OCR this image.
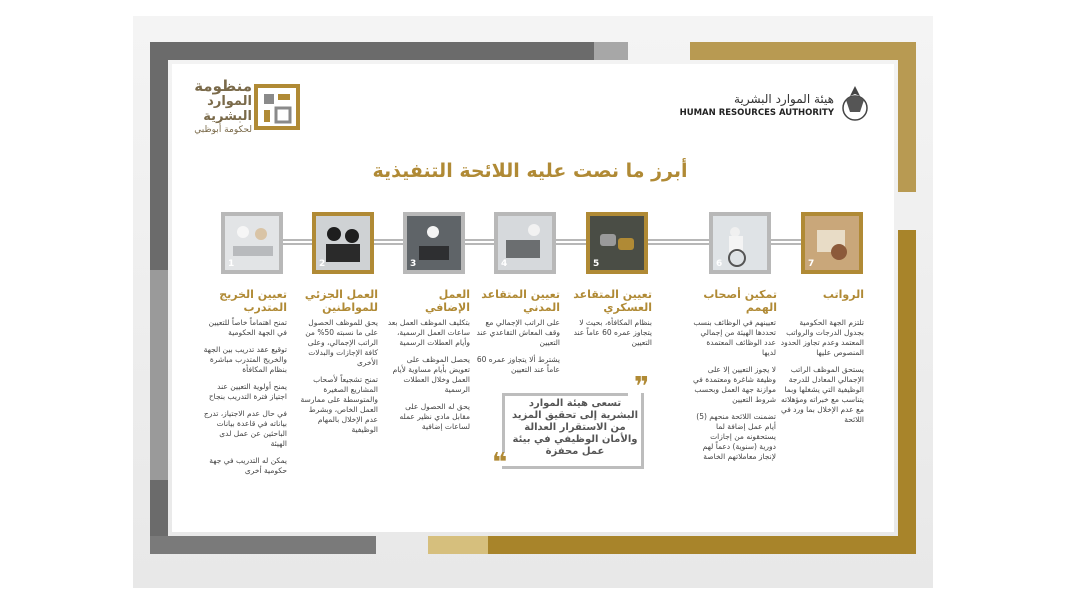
هيئة الموارد البشرية
HUMAN RESOURCES AUTHORITY
منظومة
الموارد
البشرية
لحكومة أبوظبي
أبرز ما نصت عليه اللائحة التنفيذية
7
6
5
4
3
2
1
الرواتب
تمكين أصحاب الهمم
تعيين المتقاعد العسكري
تعيين المتقاعد المدني
العمل الإضافي
العمل الجزئي للمواطنين
تعيين الخريج المتدرب

تلتزم الجهة الحكومية بجدول الدرجات والرواتب المعتمد وعدم تجاوز الحدود المنصوص عليها

يستحق الموظف الراتب الإجمالي المعادل للدرجة الوظيفية التي يشغلها وبما يتناسب مع خبراته ومؤهلاته مع عدم الإخلال بما ورد في اللائحة

تعيينهم في الوظائف بنسب تحددها الهيئة من إجمالي عدد الوظائف المعتمدة لديها

لا يجوز التعيين إلا على وظيفة شاغرة ومعتمدة في موازنة جهة العمل وبحسب شروط التعيين

تضمنت اللائحة منحهم (5) أيام عمل إضافة لما يستحقونه من إجازات دورية (سنوية) دعماً لهم لإنجاز معاملاتهم الخاصة

بنظام المكافأة، بحيث لا يتجاوز عمره 60 عاماً عند التعيين

على الراتب الإجمالي مع وقف المعاش التقاعدي عند التعيين

يشترط ألا يتجاوز عمره 60 عاماً عند التعيين

بتكليف الموظف العمل بعد ساعات العمل الرسمية، وأيام العطلات الرسمية

يحصل الموظف على تعويض بأيام مساوية لأيام العمل وخلال العطلات الرسمية

يحق له الحصول على مقابل مادي نظير عمله لساعات إضافية

يحق للموظف الحصول على ما نسبته 50% من الراتب الإجمالي، وعلى كافة الإجازات والبدلات الأخرى

تمنح تشجيعاً لأصحاب المشاريع الصغيرة والمتوسطة على ممارسة العمل الخاص، وبشرط عدم الإخلال بالمهام الوظيفية

تمنح اهتماماً خاصاً للتعيين في الجهة الحكومية

توقيع عقد تدريب بين الجهة والخريج المتدرب مباشرة بنظام المكافأة

يمنح أولوية التعيين عند اجتياز فترة التدريب بنجاح

في حال عدم الاجتياز، تدرج بياناته في قاعدة بيانات الباحثين عن عمل لدى الهيئة

يمكن له التدريب في جهة حكومية أخرى

❞
❝
تسعى هيئة الموارد البشرية إلى تحقيق المزيد من الاستقرار العدالة والأمان الوظيفي في بيئة عمل محفزة
